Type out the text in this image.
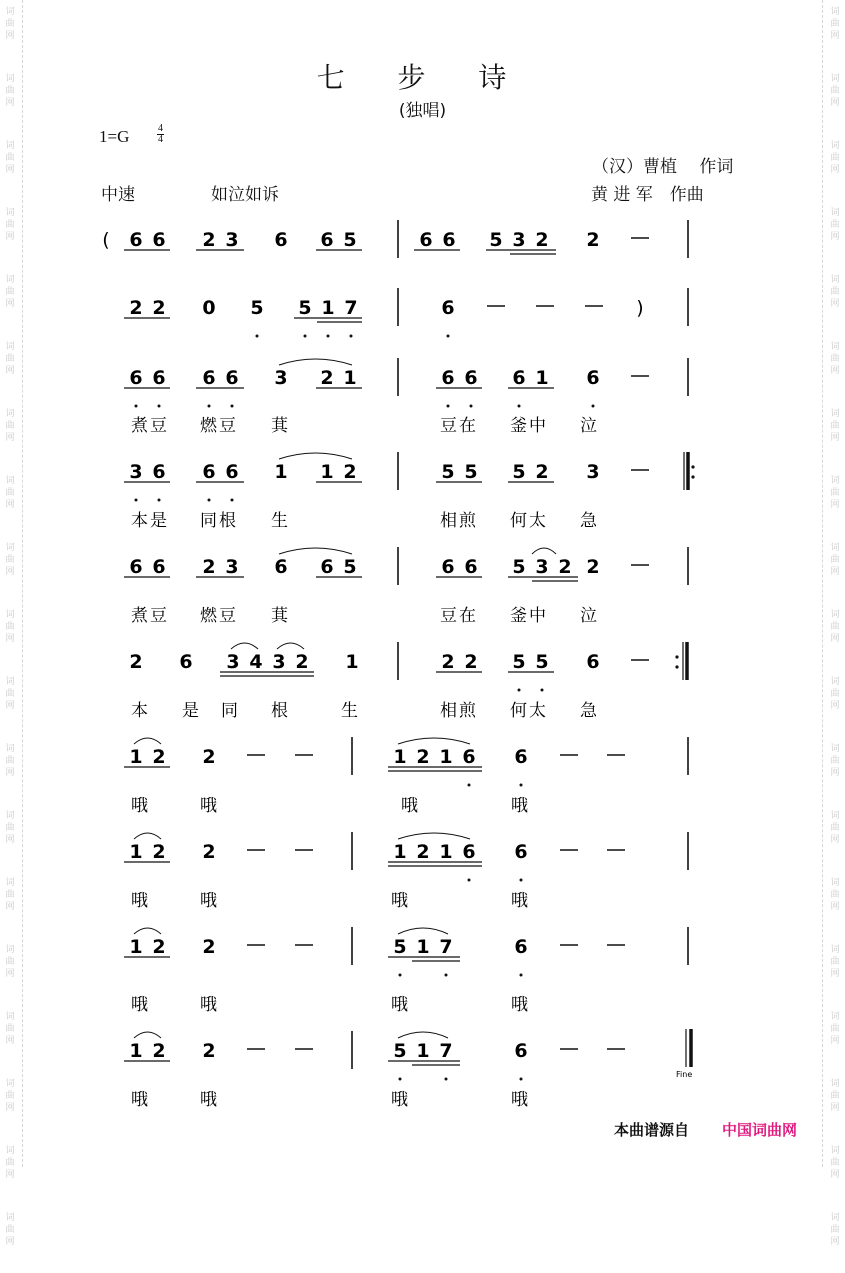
词
曲
网
词
曲
网
词
曲
网
词
曲
网
词
曲
网
词
曲
网
词
曲
网
词
曲
网
词
曲
网
词
曲
网
词
曲
网
词
曲
网
词
曲
网
词
曲
网
词
曲
网
词
曲
网
词
曲
网
词
曲
网
词
曲
网
词
曲
网
词
曲
网
词
曲
网
词
曲
网
词
曲
网
词
曲
网
词
曲
网
词
曲
网
词
曲
网
词
曲
网
词
曲
网
词
曲
网
词
曲
网
词
曲
网
词
曲
网
词
曲
网
词
曲
网
词
曲
网
词
曲
网
七 步 诗
(独唱)
1=G	4
4
（汉）曹植　 作词
黄 进 军　作曲
中速	如泣如诉
( 6 6 2 3 6 6 5	6 6 5 3 2 2
2 2 0 5 5 1 7	6	)
6 6 6 6 3 2 1	6 6 6 1 6
煮豆 燃豆 萁	豆在 釜中 泣
3 6 6 6 1 1 2	5 5 5 2 3
本是 同根 生	相煎 何太 急
6 6 2 3 6 6 5	6 6 5 3 2 2
煮豆 燃豆 萁	豆在 釜中 泣
2 6 3 4 3 2 1	2 2 5 5 6
本 是 同 根	生	相煎 何太 急
1 2 2	1 2 1 6 6
哦	哦	哦	哦
1 2 2	1 2 1 6 6
哦	哦	哦	哦
1 2 2	5 1 7	6
哦	哦	哦	哦
1 2 2	5 1 7	6
Fine
哦	哦	哦	哦
本曲谱源自 中国词曲网
